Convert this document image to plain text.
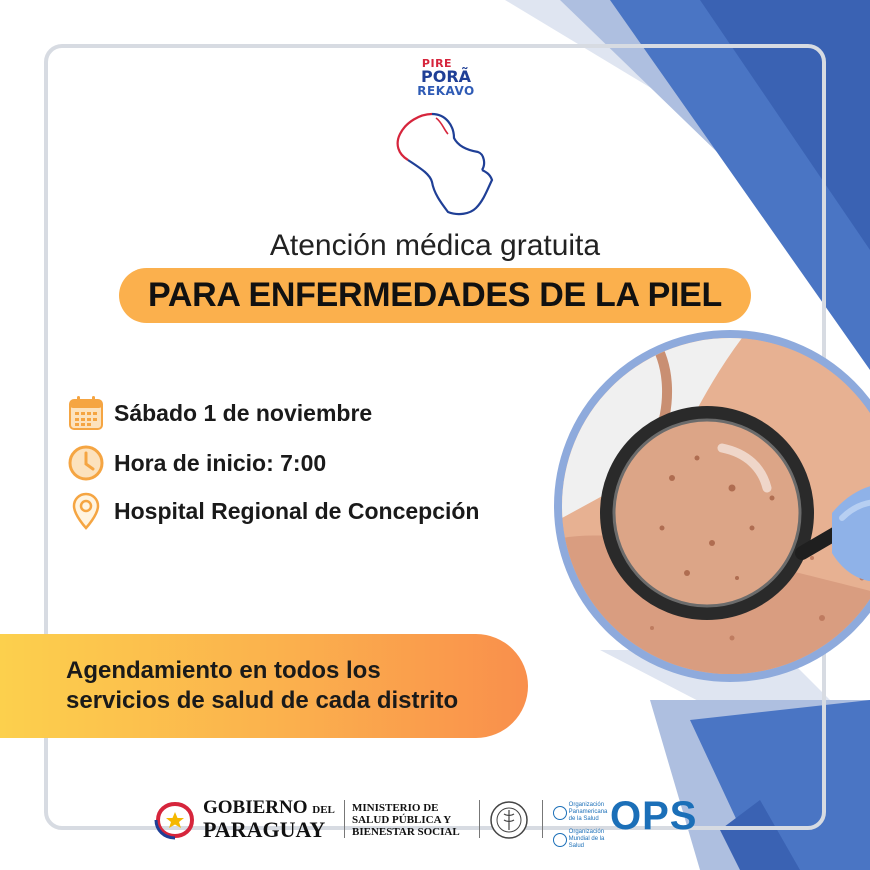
PIRE
PORÃ
REKAVO
Atención médica gratuita
PARA ENFERMEDADES DE LA PIEL
Sábado 1 de noviembre
Hora de inicio: 7:00
Hospital Regional de Concepción
Agendamiento en todos los
servicios de salud de cada distrito
GOBIERNO DEL
PARAGUAY
MINISTERIO DE
SALUD PÚBLICA Y
BIENESTAR SOCIAL
Organización Panamericana de la Salud
Organización Mundial de la Salud
OPS
